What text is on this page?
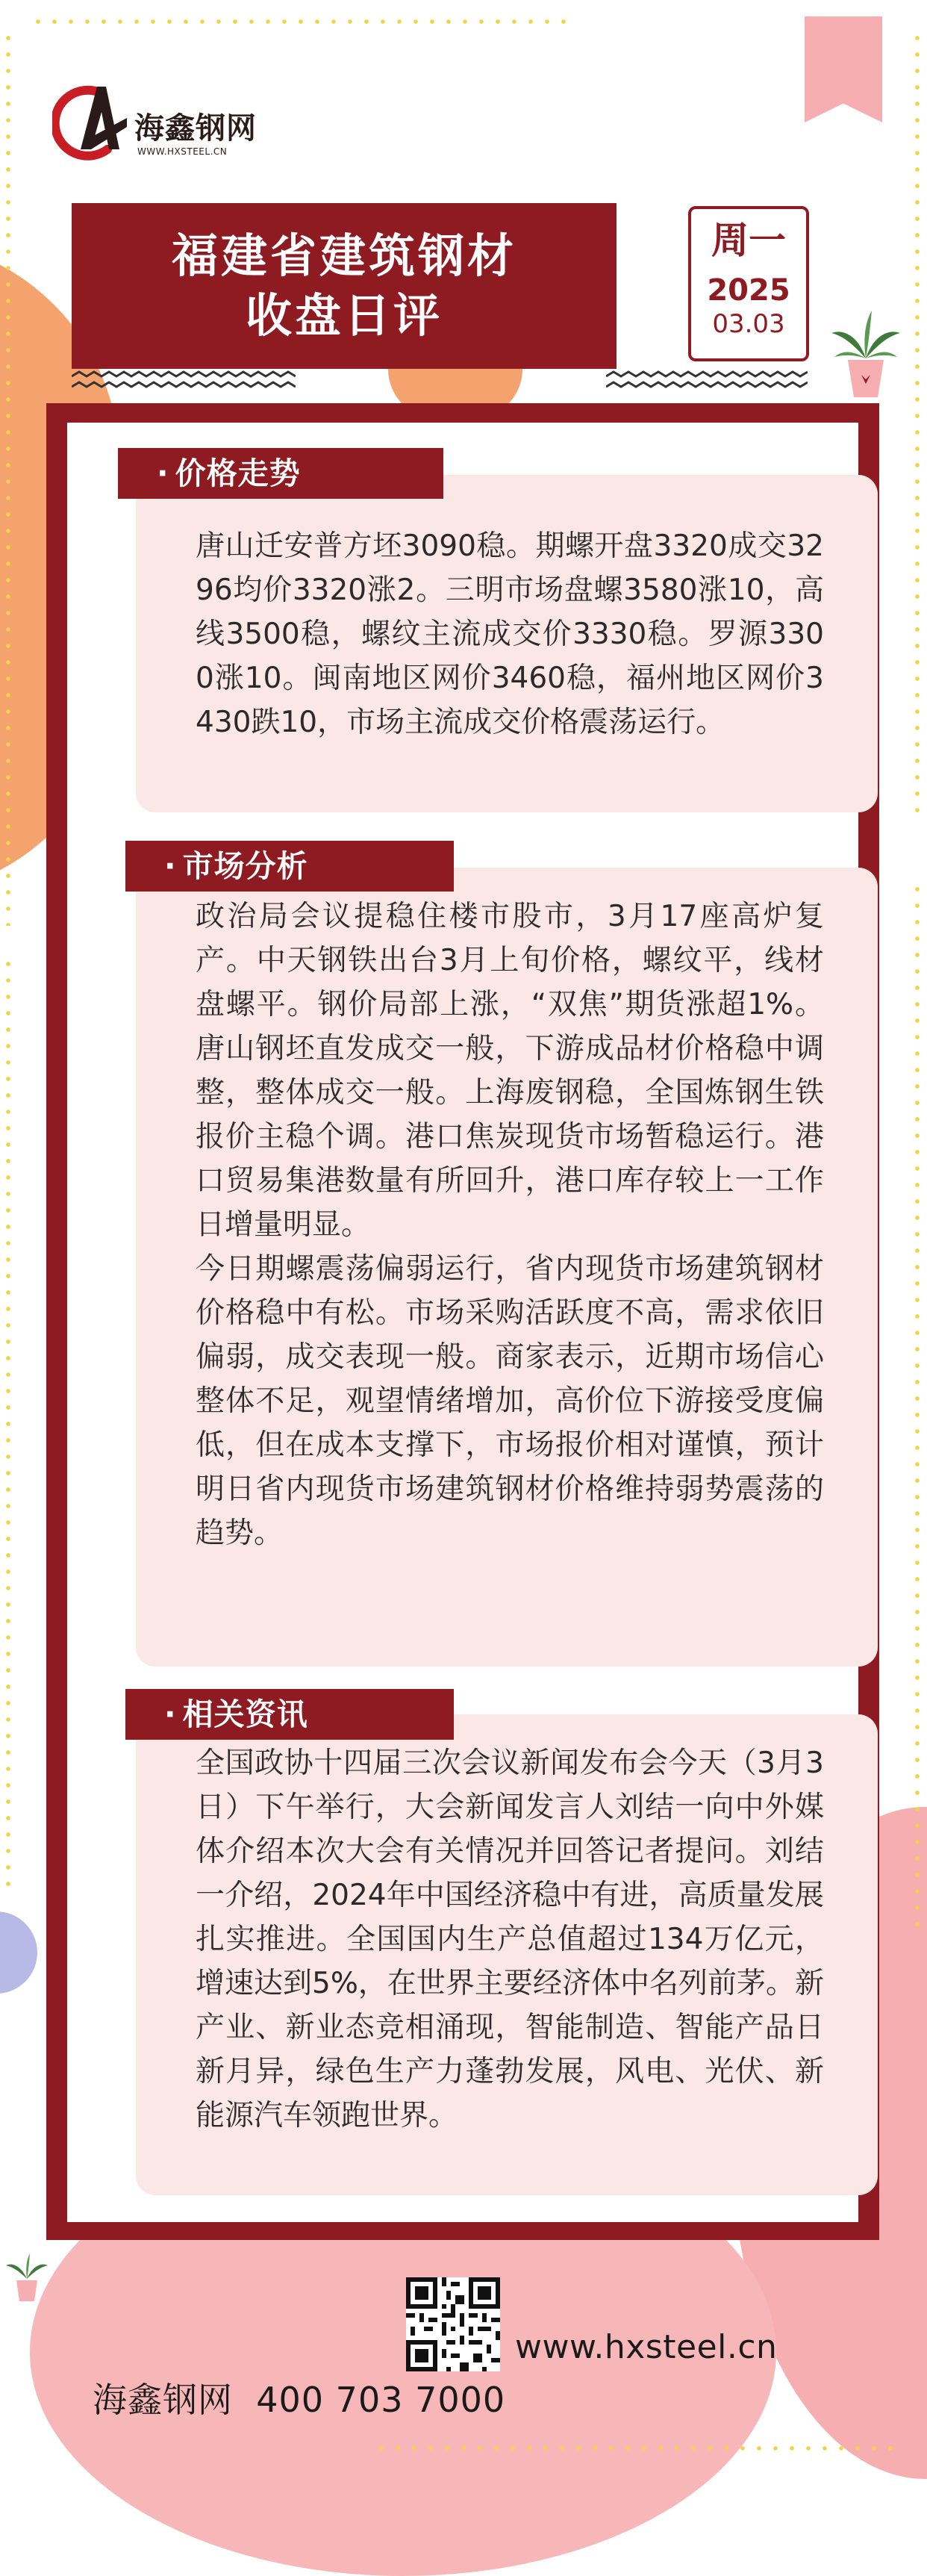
海鑫钢网
WWW.HXSTEEL.CN
福建省建筑钢材
收盘日评
周一
2025
03.03

唐山迁安普方坯3090稳。期螺开盘3320成交3296均价3320涨2。三明市场盘螺3580涨10，高线3500稳，螺纹主流成交价3330稳。罗源3300涨10。闽南地区网价3460稳，福州地区网价3430跌10，市场主流成交价格震荡运行。

· 价格走势

政治局会议提稳住楼市股市，3月17座高炉复产。中天钢铁出台3月上旬价格，螺纹平，线材盘螺平。钢价局部上涨，“双焦”期货涨超1%。唐山钢坯直发成交一般，下游成品材价格稳中调整，整体成交一般。上海废钢稳，全国炼钢生铁报价主稳个调。港口焦炭现货市场暂稳运行。港口贸易集港数量有所回升，港口库存较上一工作日增量明显。

今日期螺震荡偏弱运行，省内现货市场建筑钢材价格稳中有松。市场采购活跃度不高，需求依旧偏弱，成交表现一般。商家表示，近期市场信心整体不足，观望情绪增加，高价位下游接受度偏低，但在成本支撑下，市场报价相对谨慎，预计明日省内现货市场建筑钢材价格维持弱势震荡的趋势。

· 市场分析

全国政协十四届三次会议新闻发布会今天（3月3日）下午举行，大会新闻发言人刘结一向中外媒体介绍本次大会有关情况并回答记者提问。刘结一介绍，2024年中国经济稳中有进，高质量发展扎实推进。全国国内生产总值超过134万亿元，增速达到5%，在世界主要经济体中名列前茅。新产业、新业态竞相涌现，智能制造、智能产品日新月异，绿色生产力蓬勃发展，风电、光伏、新能源汽车领跑世界。

· 相关资讯
www.hxsteel.cn
海鑫钢网 400 703 7000
